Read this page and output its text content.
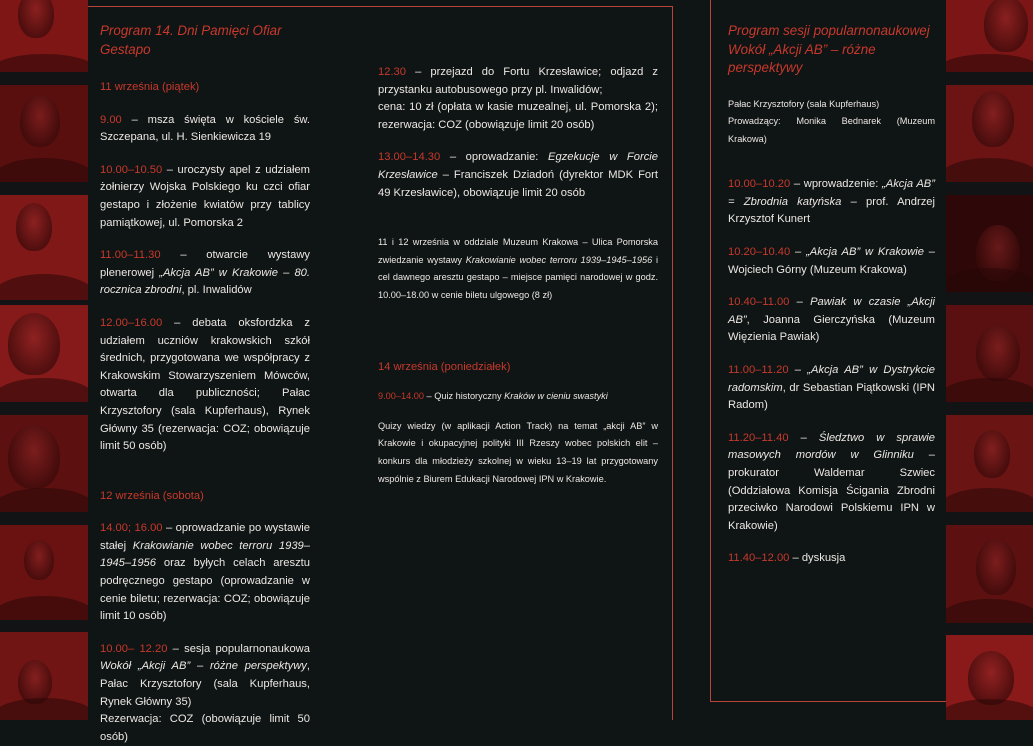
Program 14. Dni Pamięci Ofiar Gestapo

11 września (piątek)

9.00 – msza święta w kościele św. Szczepana, ul. H. Sienkiewicza 19

10.00–10.50 – uroczysty apel z udziałem żołnierzy Wojska Polskiego ku czci ofiar gestapo i złożenie kwiatów przy tablicy pamiątkowej, ul. Pomorska 2

11.00–11.30 – otwarcie wystawy plenerowej „Akcja AB” w Krakowie – 80. rocznica zbrodni, pl. Inwalidów

12.00–16.00 – debata oksfordzka z udziałem uczniów krakowskich szkół średnich, przygotowana we współpracy z Krakowskim Stowarzyszeniem Mówców, otwarta dla publiczności; Pałac Krzysztofory (sala Kupferhaus), Rynek Główny 35 (rezerwacja: COZ; obowiązuje limit 50 osób)

12 września (sobota)

14.00; 16.00 – oprowadzanie po wystawie stałej Krakowianie wobec terroru 1939–1945–1956 oraz byłych celach aresztu podręcznego gestapo (oprowadzanie w cenie biletu; rezerwacja: COZ; obowiązuje limit 10 osób)

10.00– 12.20 – sesja popularnonaukowa Wokół „Akcji AB” – różne perspektywy, Pałac Krzysztofory (sala Kupferhaus, Rynek Główny 35)

Rezerwacja: COZ (obowiązuje limit 50 osób)

12.30 – przejazd do Fortu Krzesławice; odjazd z przystanku autobusowego przy pl. Inwalidów;

cena: 10 zł (opłata w kasie muzealnej, ul. Pomorska 2); rezerwacja: COZ (obowiązuje limit 20 osób)

13.00–14.30 – oprowadzanie: Egzekucje w Forcie Krzesławice – Franciszek Dziadoń (dyrektor MDK Fort 49 Krzesławice), obowiązuje limit 20 osób

11 i 12 września w oddziale Muzeum Krakowa – Ulica Pomorska zwiedzanie wystawy Krakowianie wobec terroru 1939–1945–1956 i cel dawnego aresztu gestapo – miejsce pamięci narodowej w godz. 10.00–18.00 w cenie biletu ulgowego (8 zł)

14 września (poniedziałek)

9.00–14.00 – Quiz historyczny Kraków w cieniu swastyki

Quizy wiedzy (w aplikacji Action Track) na temat „akcji AB” w Krakowie i okupacyjnej polityki III Rzeszy wobec polskich elit – konkurs dla młodzieży szkolnej w wieku 13–19 lat przygotowany wspólnie z Biurem Edukacji Narodowej IPN w Krakowie.

Program sesji popularnonaukowej
Wokół „Akcji AB” – różne perspektywy

Pałac Krzysztofory (sala Kupferhaus)

Prowadzący: Monika Bednarek (Muzeum Krakowa)

10.00–10.20 – wprowadzenie: „Akcja AB” = Zbrodnia katyńska – prof. Andrzej Krzysztof Kunert

10.20–10.40 – „Akcja AB” w Krakowie –Wojciech Górny (Muzeum Krakowa)

10.40–11.00 – Pawiak w czasie „Akcji AB”, Joanna Gierczyńska (Muzeum Więzienia Pawiak)

11.00–11.20 – „Akcja AB” w Dystrykcie radomskim, dr Sebastian Piątkowski (IPN Radom)

11.20–11.40 – Śledztwo w sprawie masowych mordów w Glinniku – prokurator Waldemar Szwiec (Oddziałowa Komisja Ścigania Zbrodni przeciwko Narodowi Polskiemu IPN w Krakowie)

11.40–12.00 – dyskusja
